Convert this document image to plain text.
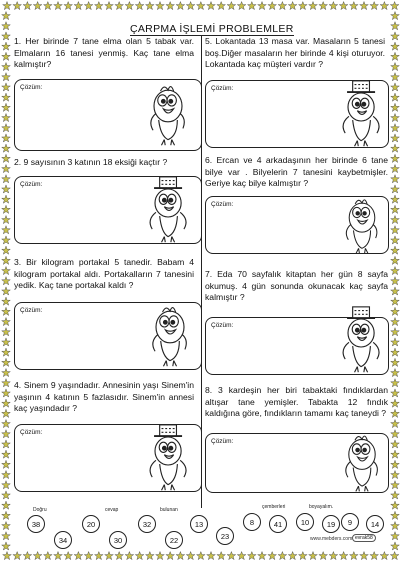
ÇARPMA İŞLEMİ PROBLEMLER
1. Her birinde 7 tane elma olan 5 tabak var. Elmaların 16 tanesi yenmiş. Kaç tane elma kalmıştır?
Çözüm:
2. 9 sayısının 3 katının 18 eksiği kaçtır ?
Çözüm:
3. Bir kilogram portakal 5 tanedir. Babam 4 kilogram portakal aldı. Portakalların 7 tanesini yedik. Kaç tane portakal kaldı ?
Çözüm:
4. Sinem 9 yaşındadır. Annesinin yaşı Sinem'in yaşının 4 katının 5 fazlasıdır. Sinem'in annesi kaç yaşındadır ?
Çözüm:
5. Lokantada 13 masa var. Masaların 5 tanesi boş.Diğer masaların her birinde 4 kişi oturuyor. Lokantada kaç müşteri vardır ?
Çözüm:
6. Ercan ve 4 arkadaşının her birinde 6 tane bilye var . Bilyelerin 7 tanesini kaybetmişler. Geriye kaç bilye kalmıştır ?
Çözüm:
7. Eda 70 sayfalık kitaptan her gün 8 sayfa okumuş. 4 gün sonunda okunacak kaç sayfa kalmıştır ?
Çözüm:
8. 3 kardeşin her biri tabaktaki fındıklardan altışar tane yemişler. Tabakta 12 fındık kaldığına göre, fındıkların tamamı kaç taneydi ?
Çözüm:
38
Doğru
34
20
cevap
30
32
bulunan
22
13
23
8
çemberleri
41	10
boyayalım.
19	9	14
www.mebders.com evrak58
